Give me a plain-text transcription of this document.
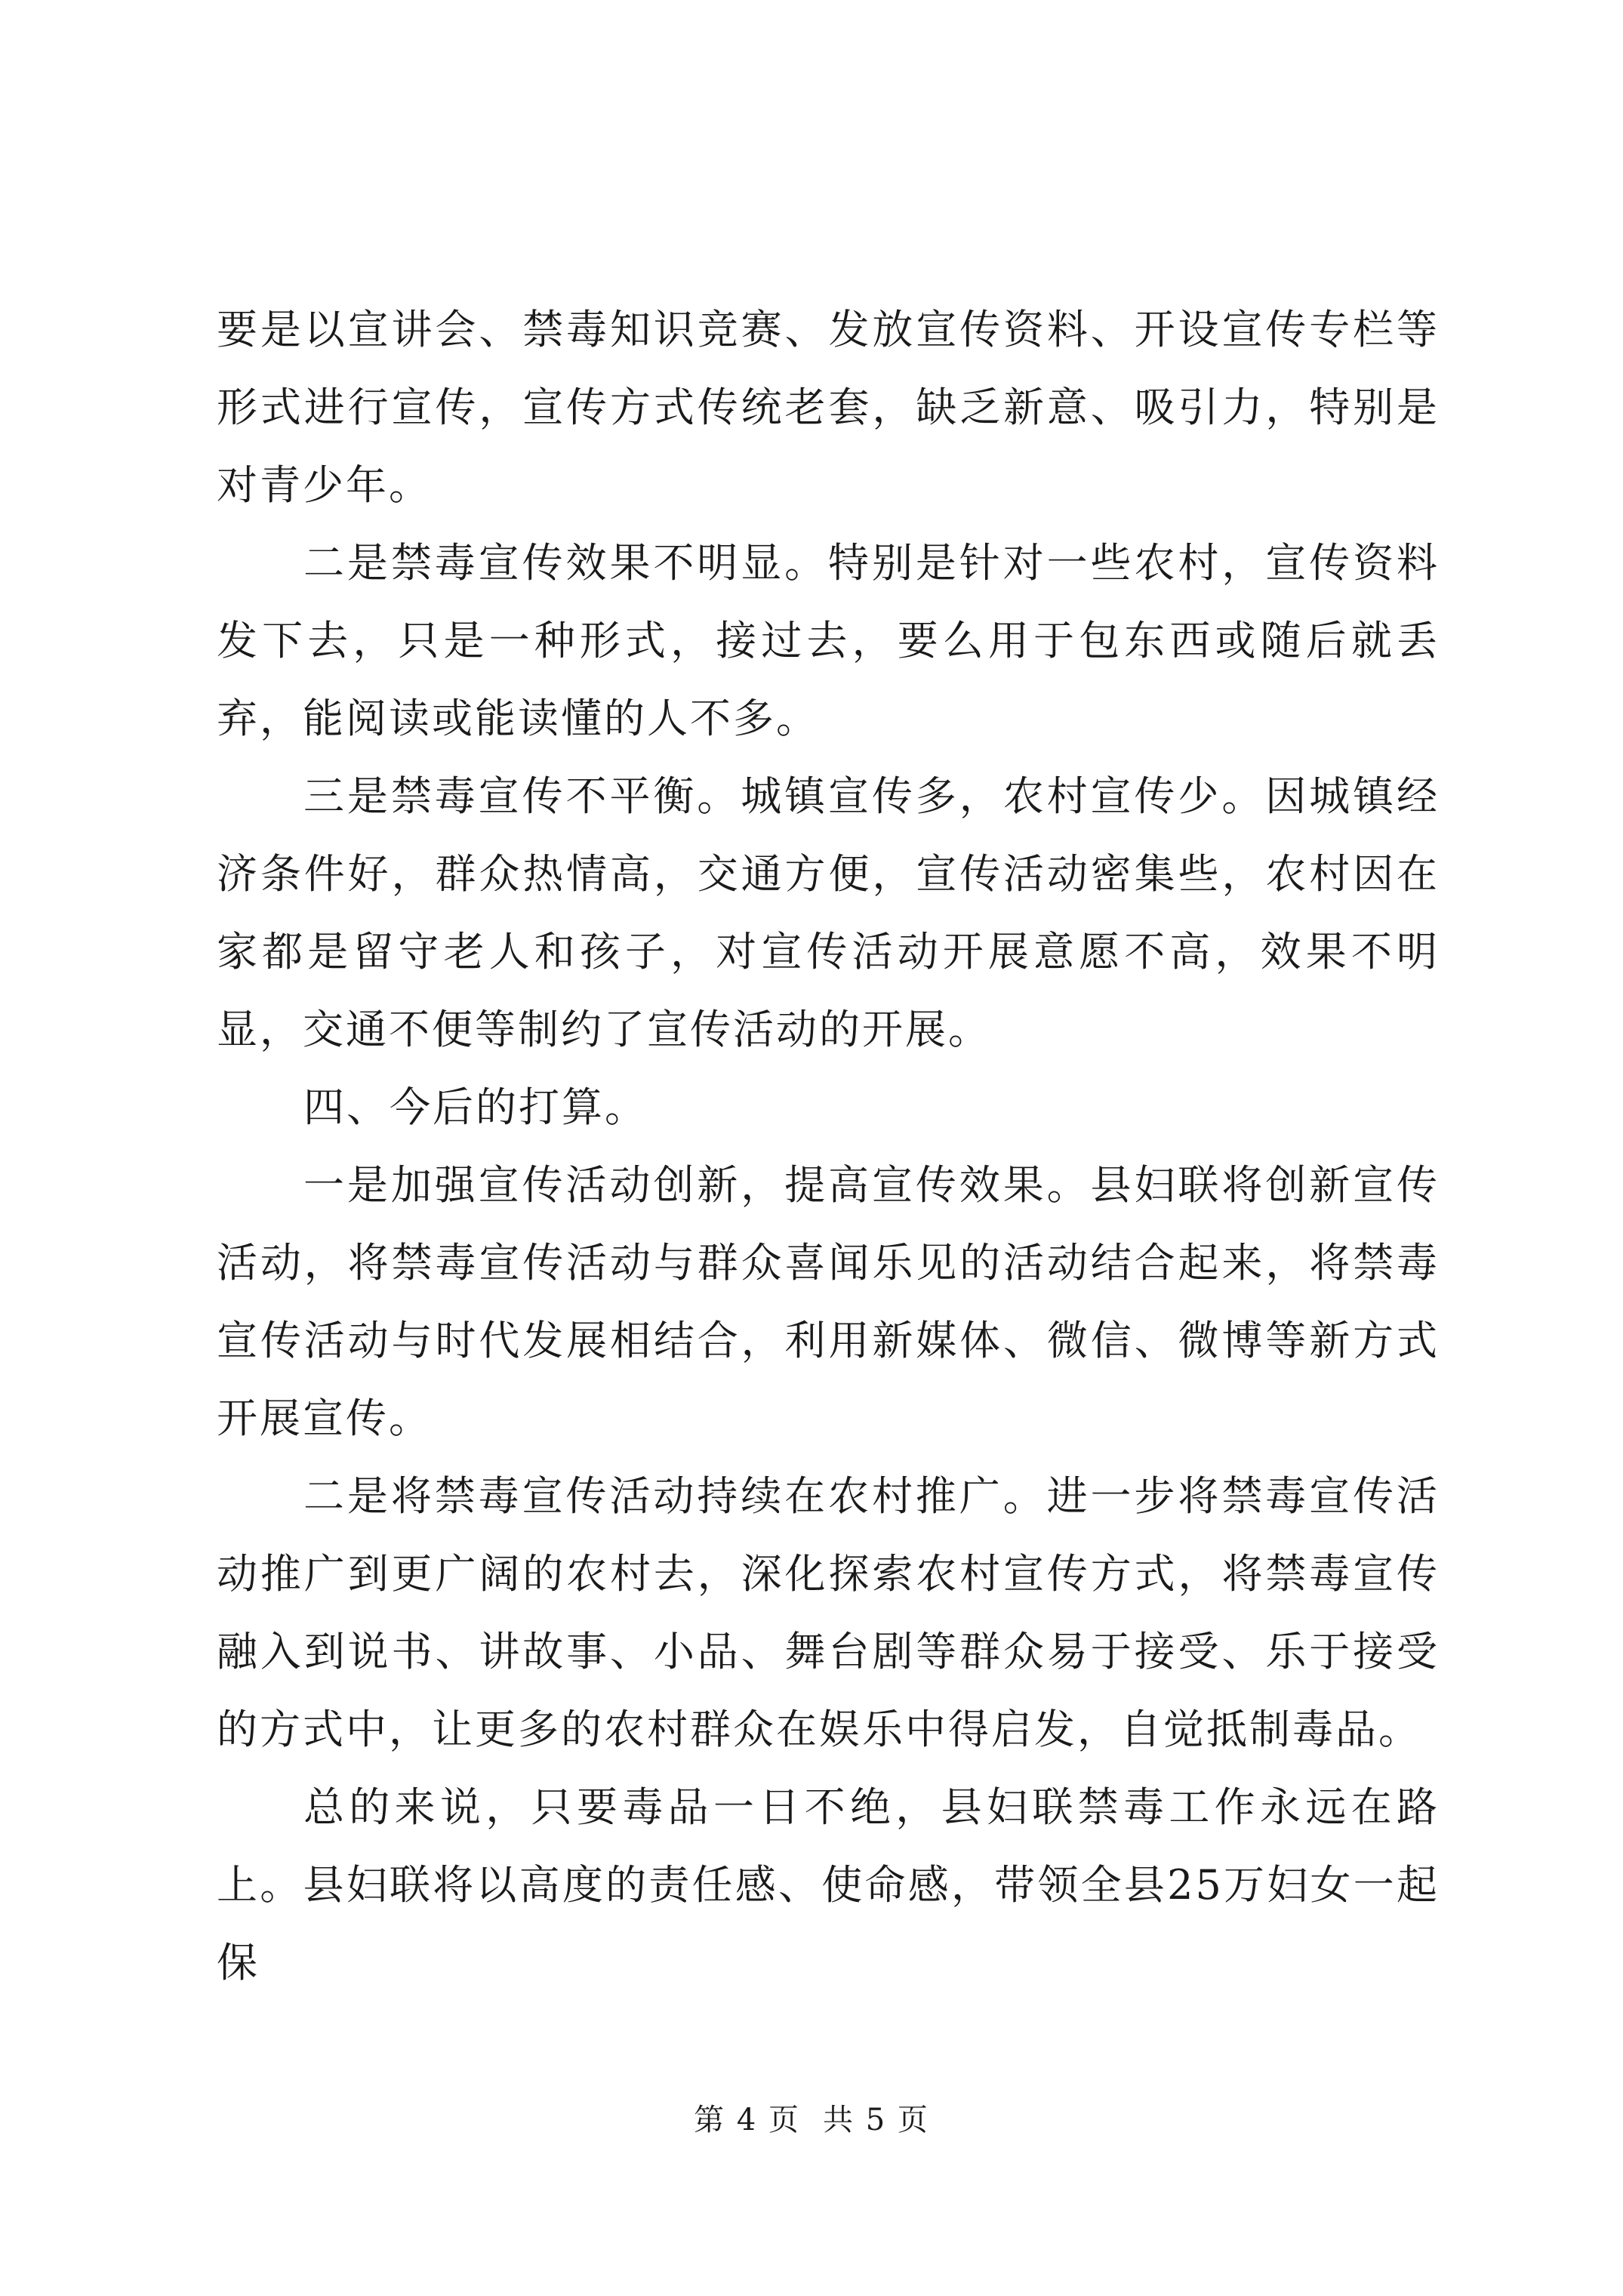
要是以宣讲会、禁毒知识竞赛、发放宣传资料、开设宣传专栏等形式进行宣传，宣传方式传统老套，缺乏新意、吸引力，特别是对青少年。

二是禁毒宣传效果不明显。特别是针对一些农村，宣传资料发下去，只是一种形式，接过去，要么用于包东西或随后就丢弃，能阅读或能读懂的人不多。

三是禁毒宣传不平衡。城镇宣传多，农村宣传少。因城镇经济条件好，群众热情高，交通方便，宣传活动密集些，农村因在家都是留守老人和孩子，对宣传活动开展意愿不高，效果不明显，交通不便等制约了宣传活动的开展。

四、今后的打算。

一是加强宣传活动创新，提高宣传效果。县妇联将创新宣传活动，将禁毒宣传活动与群众喜闻乐见的活动结合起来，将禁毒宣传活动与时代发展相结合，利用新媒体、微信、微博等新方式开展宣传。

二是将禁毒宣传活动持续在农村推广。进一步将禁毒宣传活动推广到更广阔的农村去，深化探索农村宣传方式，将禁毒宣传融入到说书、讲故事、小品、舞台剧等群众易于接受、乐于接受的方式中，让更多的农村群众在娱乐中得启发，自觉抵制毒品。

总的来说，只要毒品一日不绝，县妇联禁毒工作永远在路上。县妇联将以高度的责任感、使命感，带领全县25万妇女一起保

第 4 页 共 5 页
